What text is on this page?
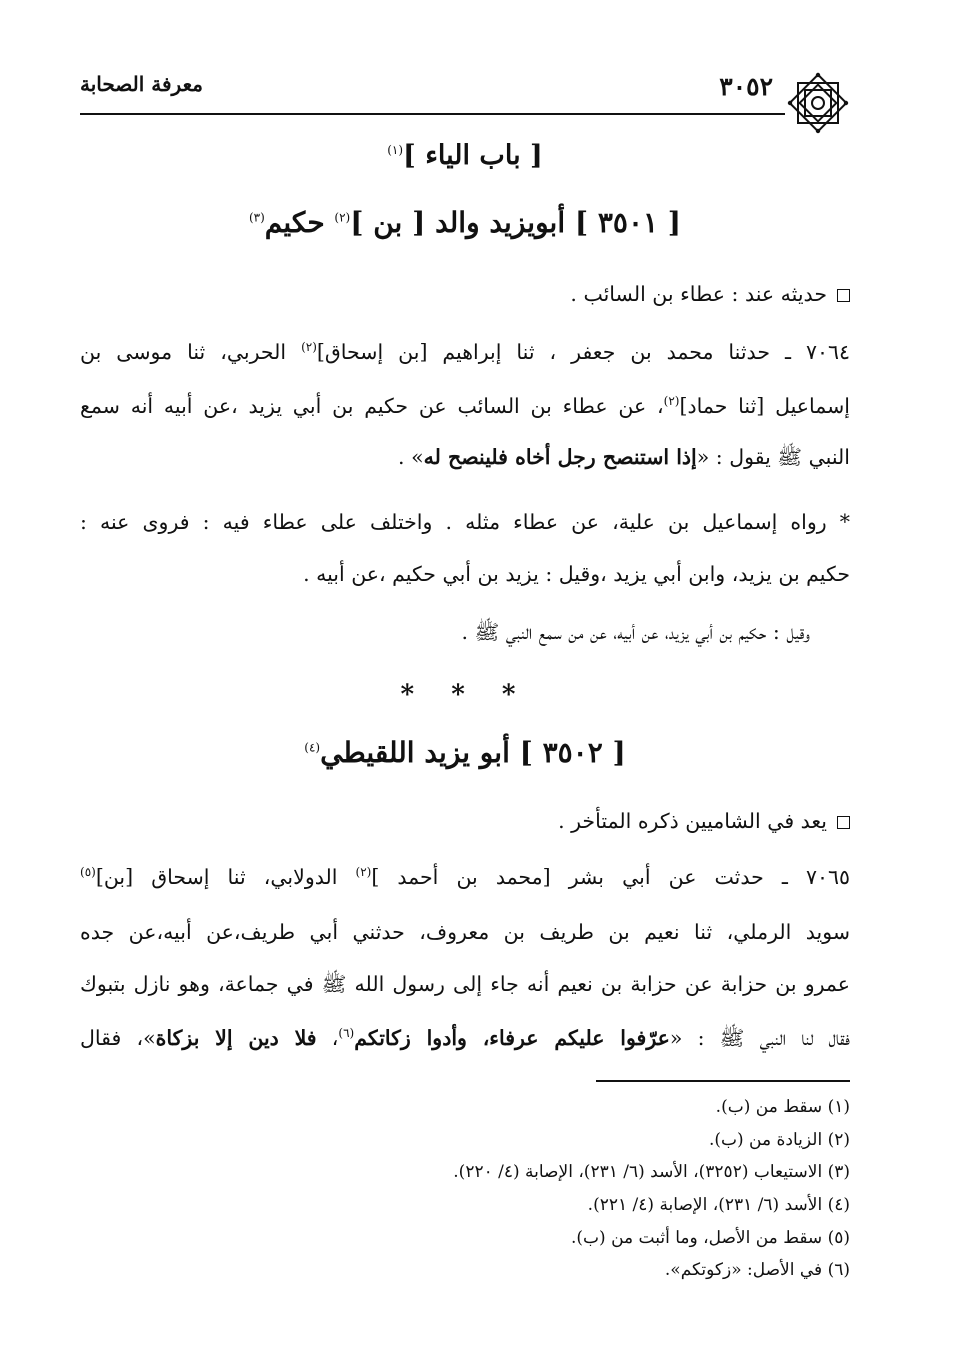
٣٠٥٢
معرفة الصحابة
[ باب الياء ]$^{(١)}$
[ ٣٥٠١ ] أبويزيد والد [ بن ]$^{(٢)}$ حكيم$^{(٣)}$
حديثه عند : عطاء بن السائب .
٧٠٦٤ ـ حدثنا محمد بن جعفر ، ثنا إبراهيم [بن إسحاق]$^{(٢)}$ الحربي، ثنا موسى بن
إسماعيل [ثنا حماد]$^{(٢)}$، عن عطاء بن السائب عن حكيم بن أبي يزيد ،عن أبيه أنه سمع
النبي ﷺ يقول : «إذا استنصح رجل أخاه فلينصح له» .
* رواه إسماعيل بن علية، عن عطاء مثله . واختلف على عطاء فيه : فروى عنه :
حكيم بن يزيد، وابن أبي يزيد ،وقيل : يزيد بن أبي حكيم ،عن أبيه .
وقيل : حكيم بن أبي يزيد، عن أبيه، عن من سمع النبي ﷺ .
* * *
[ ٣٥٠٢ ] أبو يزيد اللقيطي$^{(٤)}$
يعد في الشاميين ذكره المتأخر .
٧٠٦٥ ـ حدثت عن أبي بشر [محمد بن أحمد ]$^{(٢)}$ الدولابي، ثنا إسحاق [بن]$^{(٥)}$
سويد الرملي، ثنا نعيم بن طريف بن معروف، حدثني أبي طريف،عن أبيه،عن جده
عمرو بن حزابة عن حزابة بن نعيم أنه جاء إلى رسول الله ﷺ في جماعة، وهو نازل بتبوك
فقال لنا النبي ﷺ : «عرّفوا عليكم عرفاء، وأدوا زكاتكم$^{(٦)}$، فلا دين إلا بزكاة»، فقال
(١) سقط من (ب).
(٢) الزيادة من (ب).
(٣) الاستيعاب (٣٢٥٢)، الأسد (٦/ ٢٣١)، الإصابة (٤/ ٢٢٠).
(٤) الأسد (٦/ ٢٣١)، الإصابة (٤/ ٢٢١).
(٥) سقط من الأصل، وما أثبت من (ب).
(٦) في الأصل: «زكوتكم».
